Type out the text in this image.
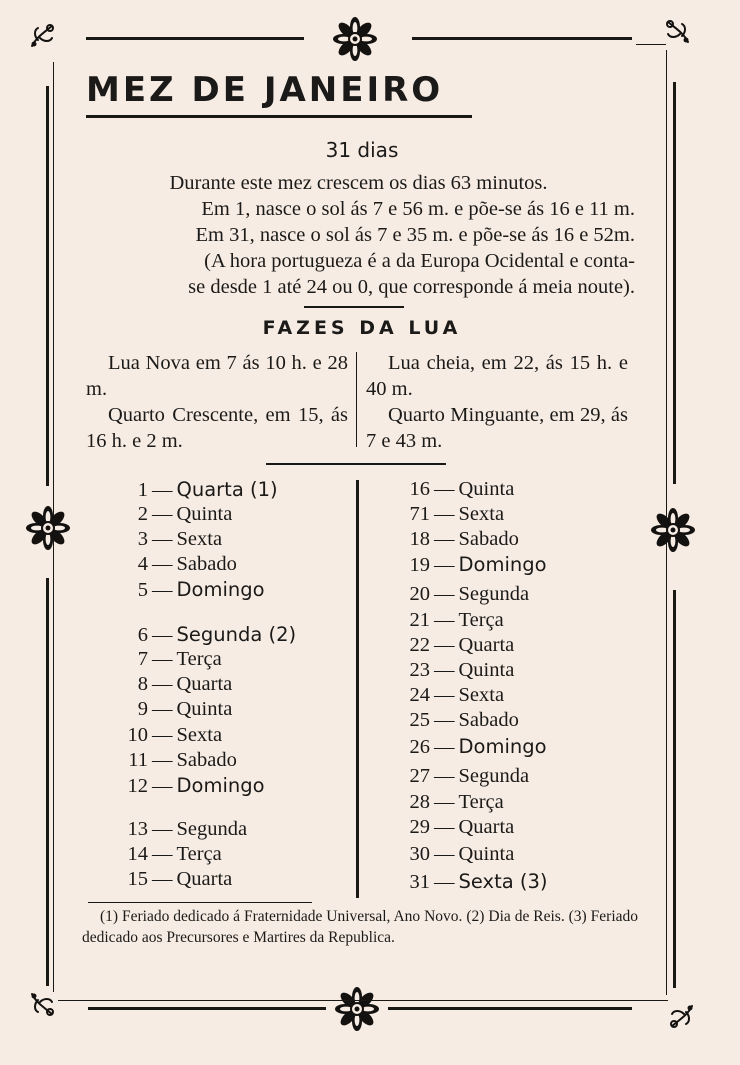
MEZ DE JANEIRO
31 dias
Durante este mez crescem os dias 63 minutos.
Em 1, nasce o sol ás 7 e 56 m. e põe-se ás 16 e 11 m.
Em 31, nasce o sol ás 7 e 35 m. e põe-se ás 16 e 52m.
(A hora portugueza é a da Europa Ocidental e conta-
se desde 1 até 24 ou 0, que corresponde á meia noute).
FAZES DA LUA

Lua Nova em 7 ás 10 h. e 28 m.

Quarto Crescente, em 15, ás 16 h. e 2 m.

Lua cheia, em 22, ás 15 h. e 40 m.

Quarto Minguante, em 29, ás 7 e 43 m.

1 — Quarta (1)
2 — Quinta
3 — Sexta
4 — Sabado
5 — Domingo
6 — Segunda (2)
7 — Terça
8 — Quarta
9 — Quinta
10 — Sexta
11 — Sabado
12 — Domingo
13 — Segunda
14 — Terça
15 — Quarta
16 — Quinta
71 — Sexta
18 — Sabado
19 — Domingo
20 — Segunda
21 — Terça
22 — Quarta
23 — Quinta
24 — Sexta
25 — Sabado
26 — Domingo
27 — Segunda
28 — Terça
29 — Quarta
30 — Quinta
31 — Sexta (3)

(1) Feriado dedicado á Fraternidade Universal, Ano Novo. (2) Dia de Reis. (3) Feriado dedicado aos Precursores e Martires da Republica.
